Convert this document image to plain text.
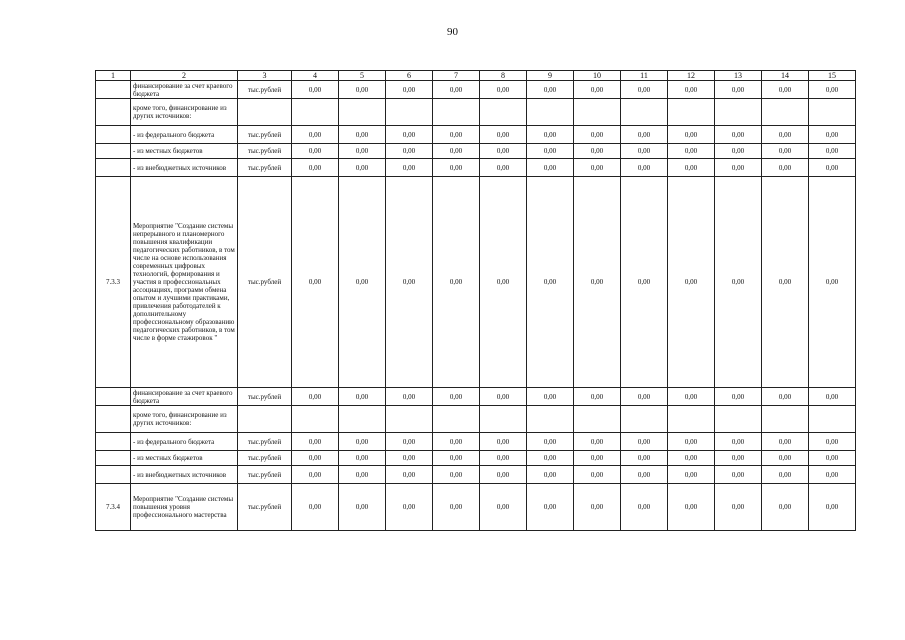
90
1	2	3	4	5	6	7	8	9	10	11	12	13	14	15
	финансирование за счет краевого бюджета	тыс.рублей	0,00	0,00	0,00	0,00	0,00	0,00	0,00	0,00	0,00	0,00	0,00	0,00
	кроме того, финансирование из других источников:													
	- из федерального бюджета	тыс.рублей	0,00	0,00	0,00	0,00	0,00	0,00	0,00	0,00	0,00	0,00	0,00	0,00
	- из местных бюджетов	тыс.рублей	0,00	0,00	0,00	0,00	0,00	0,00	0,00	0,00	0,00	0,00	0,00	0,00
	- из внебюджетных источников	тыс.рублей	0,00	0,00	0,00	0,00	0,00	0,00	0,00	0,00	0,00	0,00	0,00	0,00
7.3.3	Мероприятие "Создание системы непрерывного и планомерного повышения квалификации педагогических работников, в том числе на основе использования современных цифровых технологий, формирования и участия в профессиональных ассоциациях, программ обмена опытом и лучшими практиками, привлечения работодателей к дополнительному профессиональному образованию педагогических работников, в том числе в форме стажировок "	тыс.рублей	0,00	0,00	0,00	0,00	0,00	0,00	0,00	0,00	0,00	0,00	0,00	0,00
	финансирование за счет краевого бюджета	тыс.рублей	0,00	0,00	0,00	0,00	0,00	0,00	0,00	0,00	0,00	0,00	0,00	0,00
	кроме того, финансирование из других источников:													
	- из федерального бюджета	тыс.рублей	0,00	0,00	0,00	0,00	0,00	0,00	0,00	0,00	0,00	0,00	0,00	0,00
	- из местных бюджетов	тыс.рублей	0,00	0,00	0,00	0,00	0,00	0,00	0,00	0,00	0,00	0,00	0,00	0,00
	- из внебюджетных источников	тыс.рублей	0,00	0,00	0,00	0,00	0,00	0,00	0,00	0,00	0,00	0,00	0,00	0,00
7.3.4	Мероприятие "Создание системы повышения уровня профессионального мастерства	тыс.рублей	0,00	0,00	0,00	0,00	0,00	0,00	0,00	0,00	0,00	0,00	0,00	0,00
